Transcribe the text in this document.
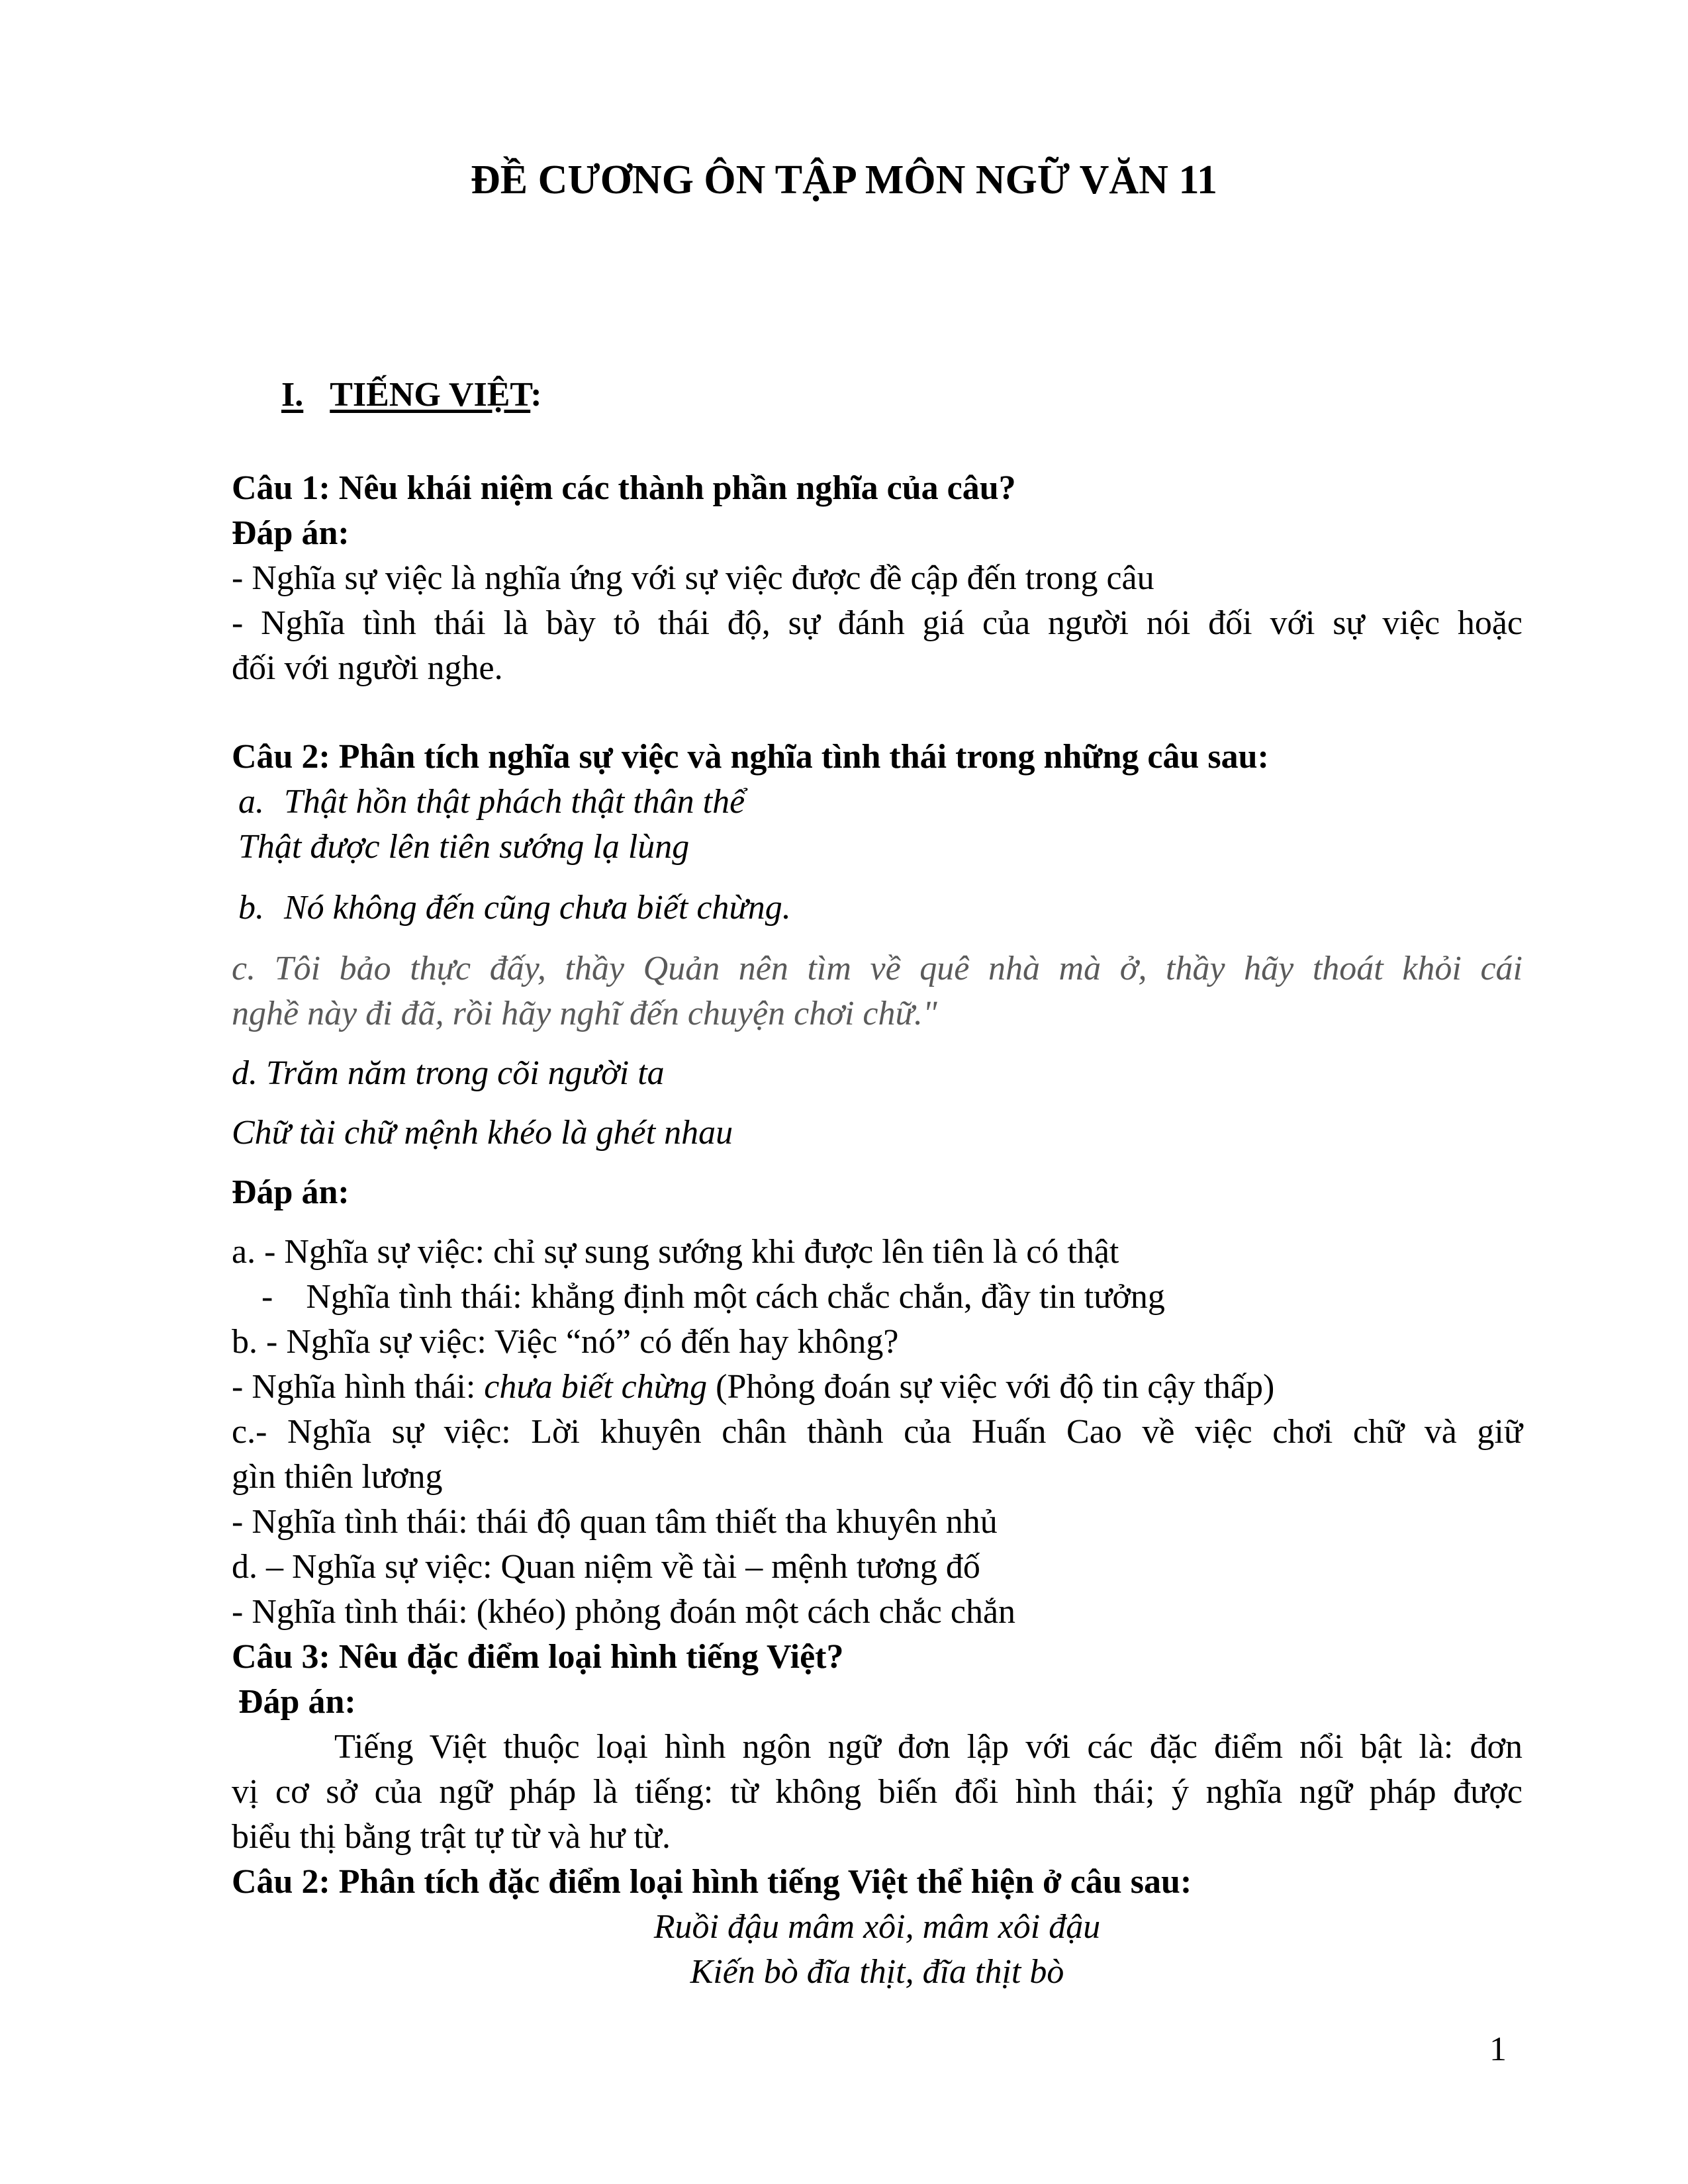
ĐỀ CƯƠNG ÔN TẬP MÔN NGỮ VĂN 11
I. TIẾNG VIỆT:
Câu 1: Nêu khái niệm các thành phần nghĩa của câu?
Đáp án:
- Nghĩa sự việc là nghĩa ứng với sự việc được đề cập đến trong câu
- Nghĩa tình thái là bày tỏ thái độ, sự đánh giá của người nói đối với sự việc hoặc
đối với người nghe.
Câu 2: Phân tích nghĩa sự việc và nghĩa tình thái trong những câu sau:
a. Thật hồn thật phách thật thân thể
Thật được lên tiên sướng lạ lùng
b. Nó không đến cũng chưa biết chừng.
c. Tôi bảo thực đấy, thầy Quản nên tìm về quê nhà mà ở, thầy hãy thoát khỏi cái
nghề này đi đã, rồi hãy nghĩ đến chuyện chơi chữ."
d. Trăm năm trong cõi người ta
Chữ tài chữ mệnh khéo là ghét nhau
Đáp án:
a. - Nghĩa sự việc: chỉ sự sung sướng khi được lên tiên là có thật
- Nghĩa tình thái: khẳng định một cách chắc chắn, đầy tin tưởng
b. - Nghĩa sự việc: Việc “nó” có đến hay không?
- Nghĩa hình thái: chưa biết chừng (Phỏng đoán sự việc với độ tin cậy thấp)
c.- Nghĩa sự việc: Lời khuyên chân thành của Huấn Cao về việc chơi chữ và giữ
gìn thiên lương
- Nghĩa tình thái: thái độ quan tâm thiết tha khuyên nhủ
d. – Nghĩa sự việc: Quan niệm về tài – mệnh tương đố
- Nghĩa tình thái: (khéo) phỏng đoán một cách chắc chắn
Câu 3: Nêu đặc điểm loại hình tiếng Việt?
Đáp án:
Tiếng Việt thuộc loại hình ngôn ngữ đơn lập với các đặc điểm nổi bật là: đơn
vị cơ sở của ngữ pháp là tiếng: từ không biến đổi hình thái; ý nghĩa ngữ pháp được
biểu thị bằng trật tự từ và hư từ.
Câu 2: Phân tích đặc điểm loại hình tiếng Việt thể hiện ở câu sau:
Ruồi đậu mâm xôi, mâm xôi đậu
Kiến bò đĩa thịt, đĩa thịt bò
1
